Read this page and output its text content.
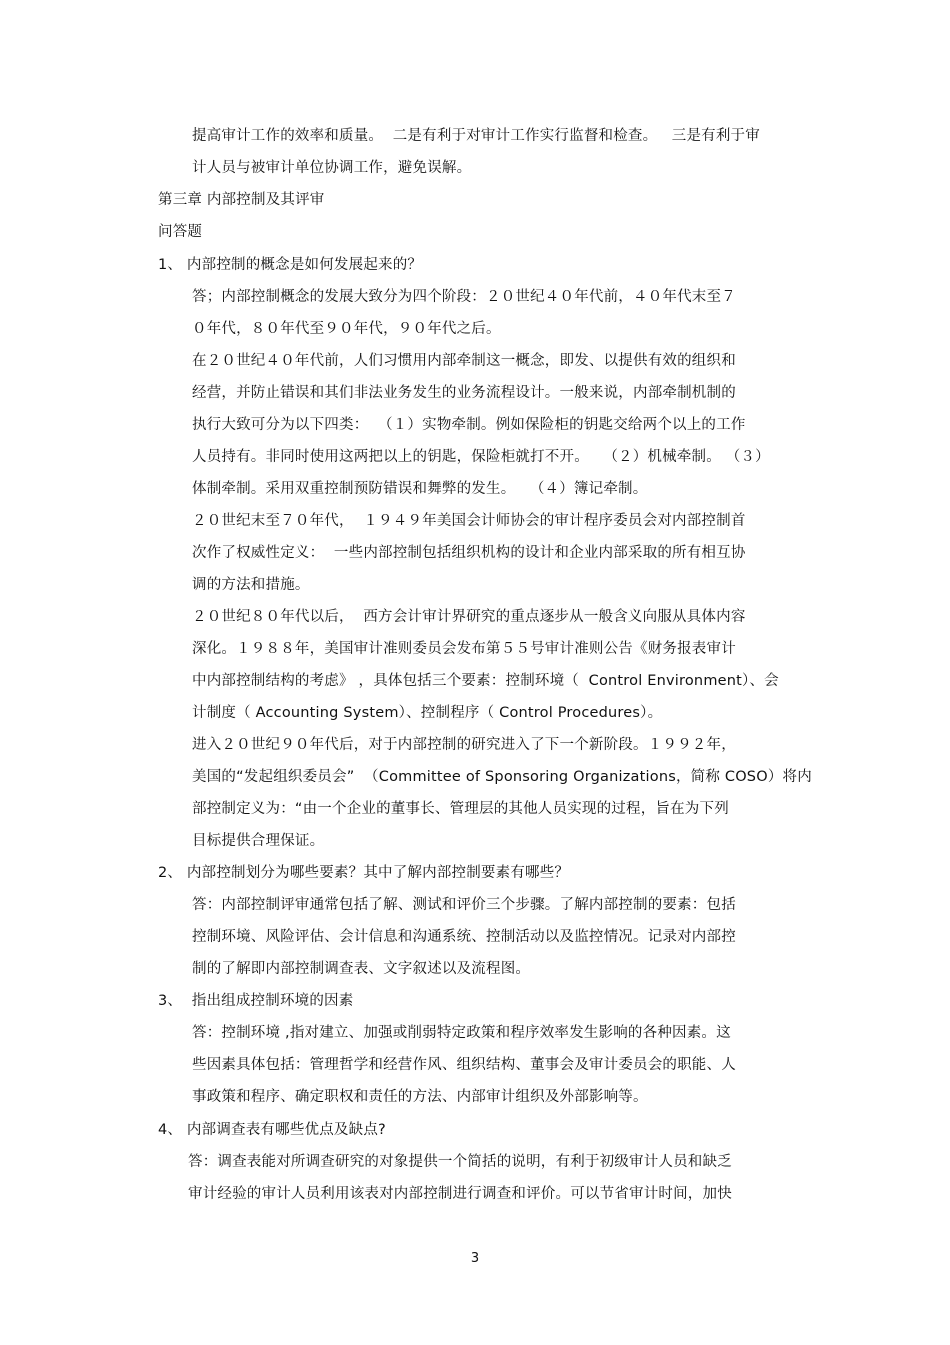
提高审计工作的效率和质量。  二是有利于对审计工作实行监督和检查。   三是有利于审
计人员与被审计单位协调工作，避免误解。
第三章 内部控制及其评审
问答题
1、 内部控制的概念是如何发展起来的？
答；内部控制概念的发展大致分为四个阶段：２０世纪４０年代前，４０年代末至７
０年代，８０年代至９０年代，９０年代之后。
在２０世纪４０年代前，人们习惯用内部牵制这一概念，即发、以提供有效的组织和
经营，并防止错误和其们非法业务发生的业务流程设计。一般来说，内部牵制机制的
执行大致可分为以下四类：  （１）实物牵制。例如保险柜的钥匙交给两个以上的工作
人员持有。非同时使用这两把以上的钥匙，保险柜就打不开。   （２）机械牵制。 （３）
体制牵制。采用双重控制预防错误和舞弊的发生。   （４）簿记牵制。
２０世纪末至７０年代，  １９４９年美国会计师协会的审计程序委员会对内部控制首
次作了权威性定义：  一些内部控制包括组织机构的设计和企业内部采取的所有相互协
调的方法和措施。
２０世纪８０年代以后，  西方会计审计界研究的重点逐步从一般含义向服从具体内容
深化。１９８８年，美国审计准则委员会发布第５５号审计准则公告《财务报表审计
中内部控制结构的考虑》 ，具体包括三个要素：控制环境（  Control Environment）、会
计制度（ Accounting System）、控制程序（ Control Procedures）。
进入２０世纪９０年代后，对于内部控制的研究进入了下一个新阶段。１９９２年，
美国的“发起组织委员会”  （Committee of Sponsoring Organizations，简称 COSO）将内
部控制定义为：“由一个企业的董事长、管理层的其他人员实现的过程，旨在为下列
目标提供合理保证。
2、 内部控制划分为哪些要素？其中了解内部控制要素有哪些？
答：内部控制评审通常包括了解、测试和评价三个步骤。了解内部控制的要素：包括
控制环境、风险评估、会计信息和沟通系统、控制活动以及监控情况。记录对内部控
制的了解即内部控制调查表、文字叙述以及流程图。
3、  指出组成控制环境的因素
答：控制环境 ,指对建立、加强或削弱特定政策和程序效率发生影响的各种因素。这
些因素具体包括：管理哲学和经营作风、组织结构、董事会及审计委员会的职能、人
事政策和程序、确定职权和责任的方法、内部审计组织及外部影响等。
4、 内部调查表有哪些优点及缺点?
答：调查表能对所调查研究的对象提供一个简括的说明，有利于初级审计人员和缺乏
审计经验的审计人员利用该表对内部控制进行调查和评价。可以节省审计时间，加快
3
